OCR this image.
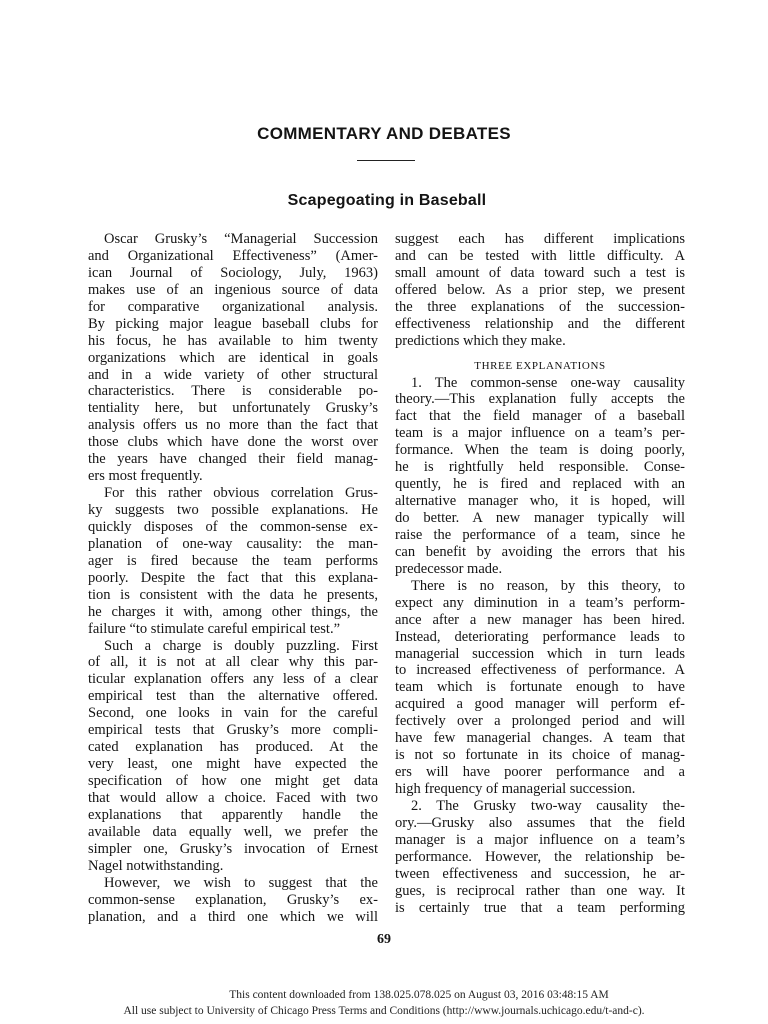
COMMENTARY AND DEBATES
Scapegoating in Baseball
Oscar Grusky’s “Managerial Succession
and Organizational Effectiveness” (Amer-
ican Journal of Sociology, July, 1963)
makes use of an ingenious source of data
for comparative organizational analysis.
By picking major league baseball clubs for
his focus, he has available to him twenty
organizations which are identical in goals
and in a wide variety of other structural
characteristics. There is considerable po-
tentiality here, but unfortunately Grusky’s
analysis offers us no more than the fact that
those clubs which have done the worst over
the years have changed their field manag-
ers most frequently.
For this rather obvious correlation Grus-
ky suggests two possible explanations. He
quickly disposes of the common-sense ex-
planation of one-way causality: the man-
ager is fired because the team performs
poorly. Despite the fact that this explana-
tion is consistent with the data he presents,
he charges it with, among other things, the
failure “to stimulate careful empirical test.”
Such a charge is doubly puzzling. First
of all, it is not at all clear why this par-
ticular explanation offers any less of a clear
empirical test than the alternative offered.
Second, one looks in vain for the careful
empirical tests that Grusky’s more compli-
cated explanation has produced. At the
very least, one might have expected the
specification of how one might get data
that would allow a choice. Faced with two
explanations that apparently handle the
available data equally well, we prefer the
simpler one, Grusky’s invocation of Ernest
Nagel notwithstanding.
However, we wish to suggest that the
common-sense explanation, Grusky’s ex-
planation, and a third one which we will
suggest each has different implications
and can be tested with little difficulty. A
small amount of data toward such a test is
offered below. As a prior step, we present
the three explanations of the succession-
effectiveness relationship and the different
predictions which they make.
THREE EXPLANATIONS
1. The common-sense one-way causality
theory.—This explanation fully accepts the
fact that the field manager of a baseball
team is a major influence on a team’s per-
formance. When the team is doing poorly,
he is rightfully held responsible. Conse-
quently, he is fired and replaced with an
alternative manager who, it is hoped, will
do better. A new manager typically will
raise the performance of a team, since he
can benefit by avoiding the errors that his
predecessor made.
There is no reason, by this theory, to
expect any diminution in a team’s perform-
ance after a new manager has been hired.
Instead, deteriorating performance leads to
managerial succession which in turn leads
to increased effectiveness of performance. A
team which is fortunate enough to have
acquired a good manager will perform ef-
fectively over a prolonged period and will
have few managerial changes. A team that
is not so fortunate in its choice of manag-
ers will have poorer performance and a
high frequency of managerial succession.
2. The Grusky two-way causality the-
ory.—Grusky also assumes that the field
manager is a major influence on a team’s
performance. However, the relationship be-
tween effectiveness and succession, he ar-
gues, is reciprocal rather than one way. It
is certainly true that a team performing
69
This content downloaded from 138.025.078.025 on August 03, 2016 03:48:15 AM
All use subject to University of Chicago Press Terms and Conditions (http://www.journals.uchicago.edu/t-and-c).
